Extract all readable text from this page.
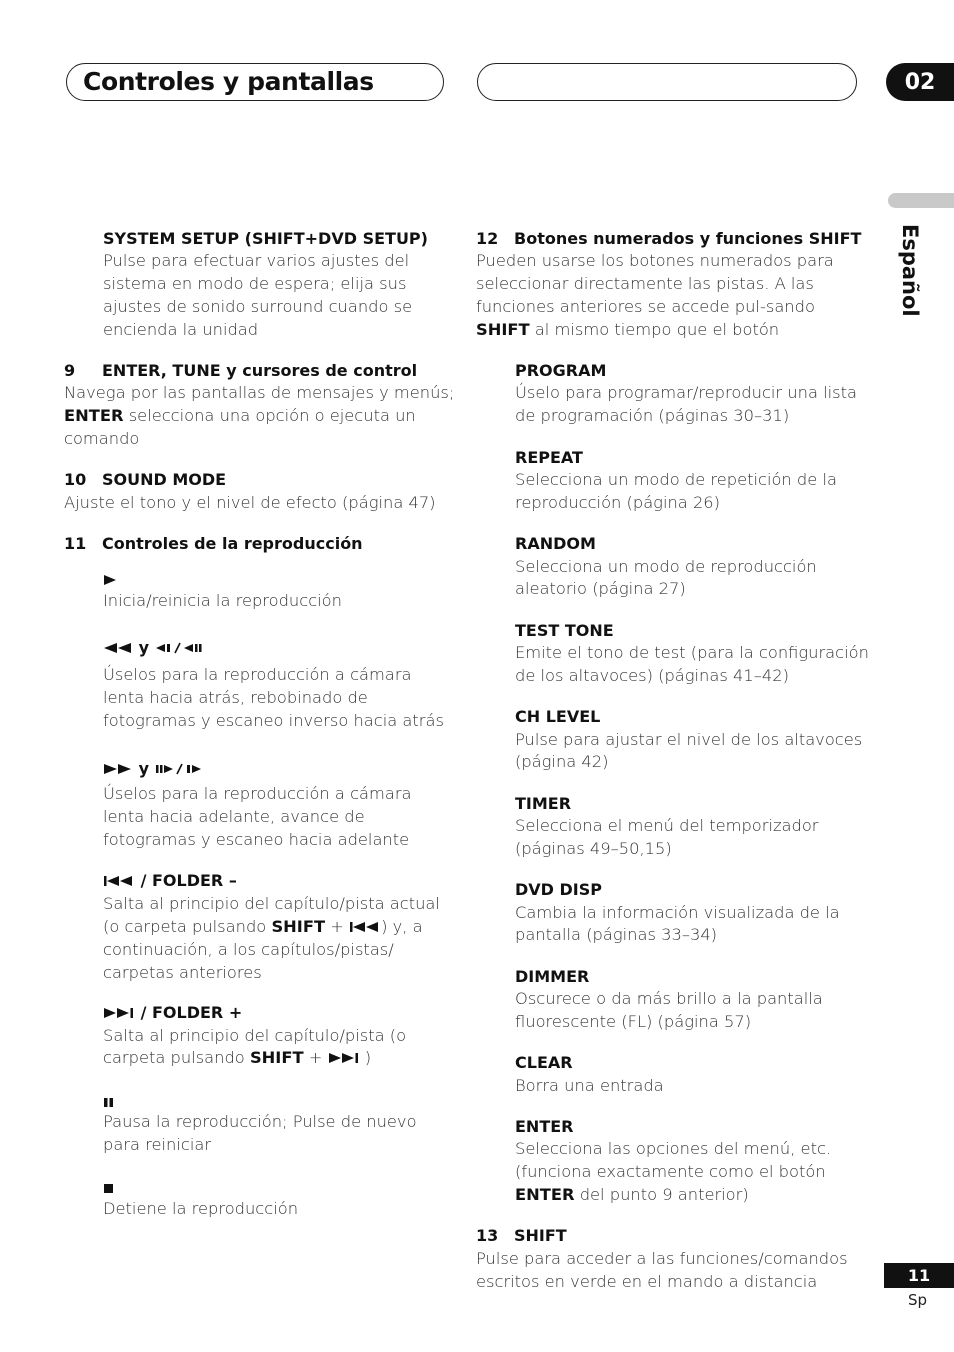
Controles y pantallas	02
Español
SYSTEM SETUP (SHIFT+DVD SETUP)
Pulse para efectuar varios ajustes del
sistema en modo de espera; elija sus
ajustes de sonido surround cuando se
encienda la unidad
9 ENTER, TUNE y cursores de control
Navega por las pantallas de mensajes y menús;
ENTER selecciona una opción o ejecuta un
comando
10 SOUND MODE
Ajuste el tono y el nivel de efecto (página 47)
11 Controles de la reproducción
Inicia/reinicia la reproducción
y
Úselos para la reproducción a cámara
lenta hacia atrás, rebobinado de
fotogramas y escaneo inverso hacia atrás
y
Úselos para la reproducción a cámara
lenta hacia adelante, avance de
fotogramas y escaneo hacia adelante
/ FOLDER –
Salta al principio del capítulo/pista actual
(o carpeta pulsando SHIFT + ) y, a
continuación, a los capítulos/pistas/
carpetas anteriores
/ FOLDER +
Salta al principio del capítulo/pista (o
carpeta pulsando SHIFT +  )
Pausa la reproducción; Pulse de nuevo
para reiniciar
Detiene la reproducción
12 Botones numerados y funciones SHIFT
Pueden usarse los botones numerados para
seleccionar directamente las pistas. A las
funciones anteriores se accede pul-sando
SHIFT al mismo tiempo que el botón
PROGRAM
Úselo para programar/reproducir una lista
de programación (páginas 30–31)
REPEAT
Selecciona un modo de repetición de la
reproducción (página 26)
RANDOM
Selecciona un modo de reproducción
aleatorio (página 27)
TEST TONE
Emite el tono de test (para la configuración
de los altavoces) (páginas 41–42)
CH LEVEL
Pulse para ajustar el nivel de los altavoces
(página 42)
TIMER
Selecciona el menú del temporizador
(páginas 49–50,15)
DVD DISP
Cambia la información visualizada de la
pantalla (páginas 33–34)
DIMMER
Oscurece o da más brillo a la pantalla
fluorescente (FL) (página 57)
CLEAR
Borra una entrada
ENTER
Selecciona las opciones del menú, etc.
(funciona exactamente como el botón
ENTER del punto 9 anterior)
13 SHIFT
Pulse para acceder a las funciones/comandos
escritos en verde en el mando a distancia	11
Sp
